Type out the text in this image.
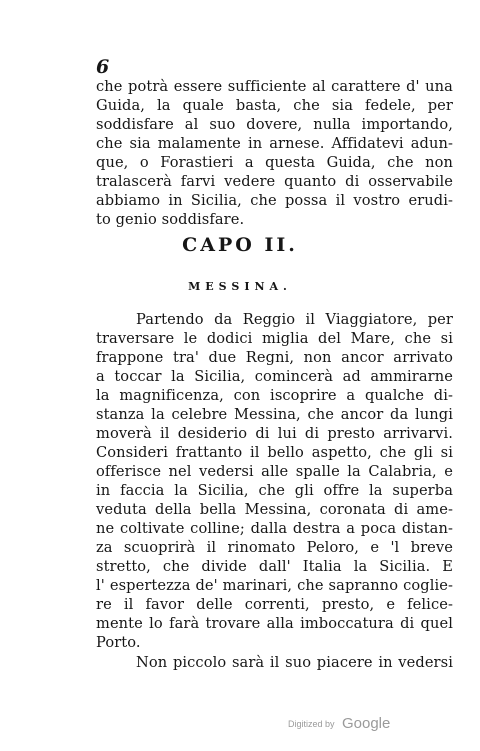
6
che potrà essere sufficiente al carattere d' una
Guida, la quale basta, che sia fedele, per
soddisfare al suo dovere, nulla importando,
che sia malamente in arnese. Affidatevi adun-
que, o Forastieri a questa Guida, che non
tralascerà farvi vedere quanto di osservabile
abbiamo in Sicilia, che possa il vostro erudi-
to genio soddisfare.
CAPO II.
MESSINA.
Partendo da Reggio il Viaggiatore, per
traversare le dodici miglia del Mare, che si
frappone tra' due Regni, non ancor arrivato
a toccar la Sicilia, comincerà ad ammirarne
la magnificenza, con iscoprire a qualche di-
stanza la celebre Messina, che ancor da lungi
moverà il desiderio di lui di presto arrivarvi.
Consideri frattanto il bello aspetto, che gli si
offerisce nel vedersi alle spalle la Calabria, e
in faccia la Sicilia, che gli offre la superba
veduta della bella Messina, coronata di ame-
ne coltivate colline; dalla destra a poca distan-
za scuoprirà il rinomato Peloro, e 'l breve
stretto, che divide dall' Italia la Sicilia. E
l' espertezza de' marinari, che sapranno coglie-
re il favor delle correnti, presto, e felice-
mente lo farà trovare alla imboccatura di quel
Porto.
Non piccolo sarà il suo piacere in vedersi
Digitized by Google
